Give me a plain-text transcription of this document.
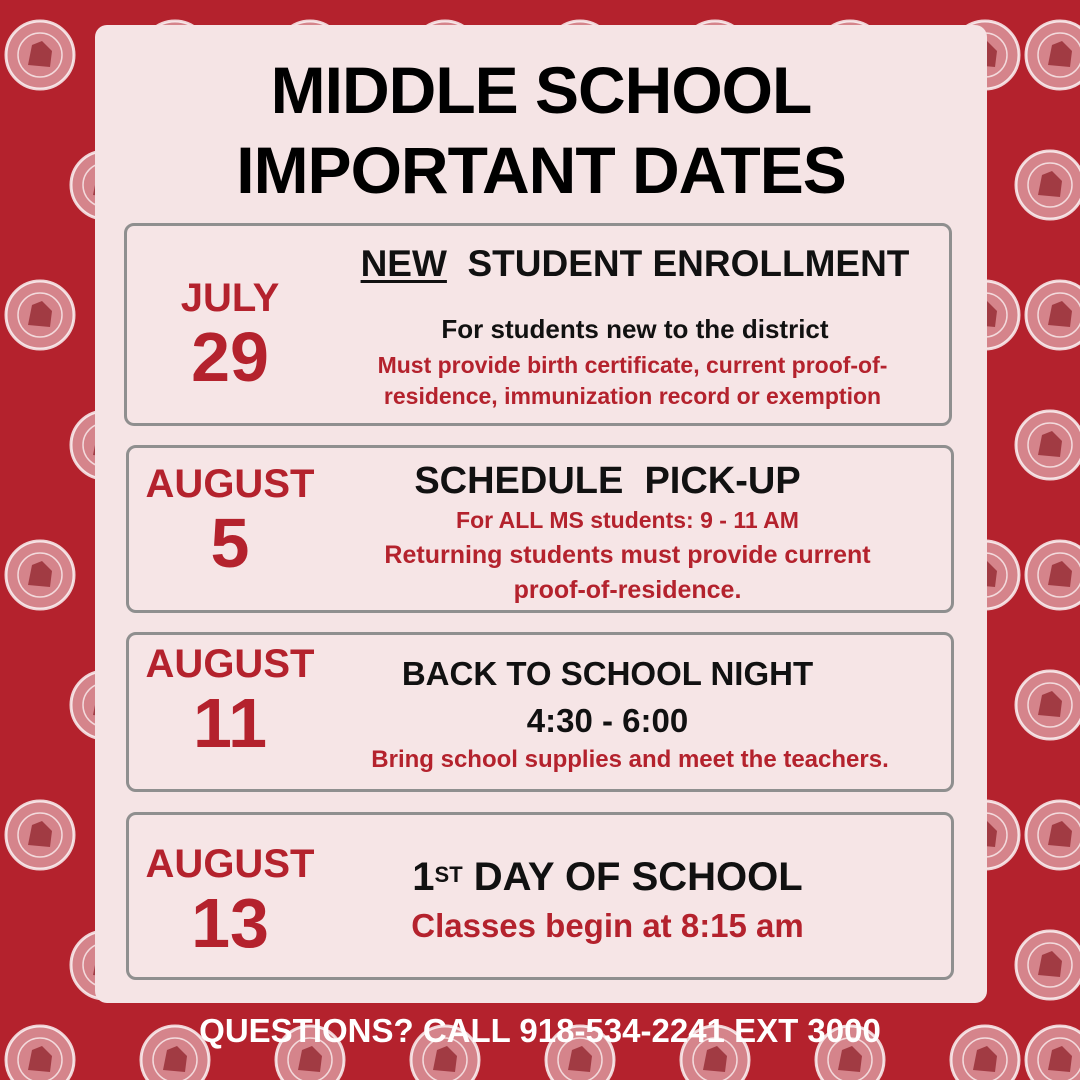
MIDDLE SCHOOL
IMPORTANT DATES
JULY
29
NEW STUDENT ENROLLMENT
For students new to the district
Must provide birth certificate, current proof-of-
residence, immunization record or exemption
AUGUST
5
SCHEDULE  PICK-UP
For ALL MS students: 9 - 11 AM
Returning students must provide current
proof-of-residence.
AUGUST
11
BACK TO SCHOOL NIGHT
4:30 - 6:00
Bring school supplies and meet the teachers.
AUGUST
13
1ST DAY OF SCHOOL
Classes begin at 8:15 am
QUESTIONS? CALL 918-534-2241 EXT 3000
